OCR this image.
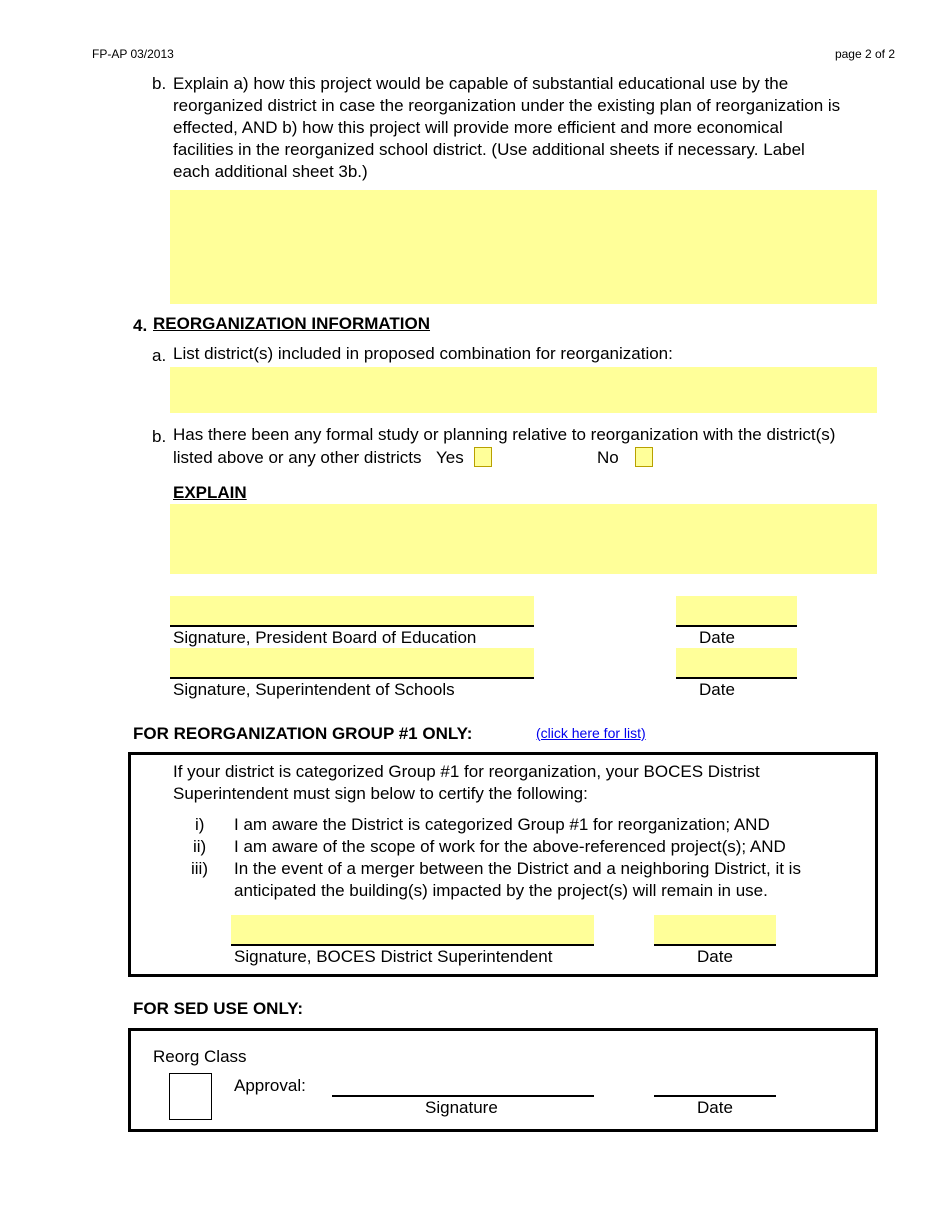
FP-AP 03/2013	page 2 of 2
b. Explain a) how this project would be capable of substantial educational use by the
reorganized district in case the reorganization under the existing plan of reorganization is
effected, AND b) how this project will provide more efficient and more economical
facilities in the reorganized school district. (Use additional sheets if necessary. Label
each additional sheet 3b.)
4. REORGANIZATION INFORMATION
a. List district(s) included in proposed combination for reorganization:
b. Has there been any formal study or planning relative to reorganization with the district(s)
listed above or any other districts Yes	No
EXPLAIN
Signature, President Board of Education	Date
Signature, Superintendent of Schools	Date
FOR REORGANIZATION GROUP #1 ONLY:	(click here for list)
If your district is categorized Group #1 for reorganization, your BOCES Distrist
Superintendent must sign below to certify the following:
i) I am aware the District is categorized Group #1 for reorganization; AND
ii) I am aware of the scope of work for the above-referenced project(s); AND
iii) In the event of a merger between the District and a neighboring District, it is
anticipated the building(s) impacted by the project(s) will remain in use.
Signature, BOCES District Superintendent	Date
FOR SED USE ONLY:
Reorg Class
Approval:
Signature	Date
